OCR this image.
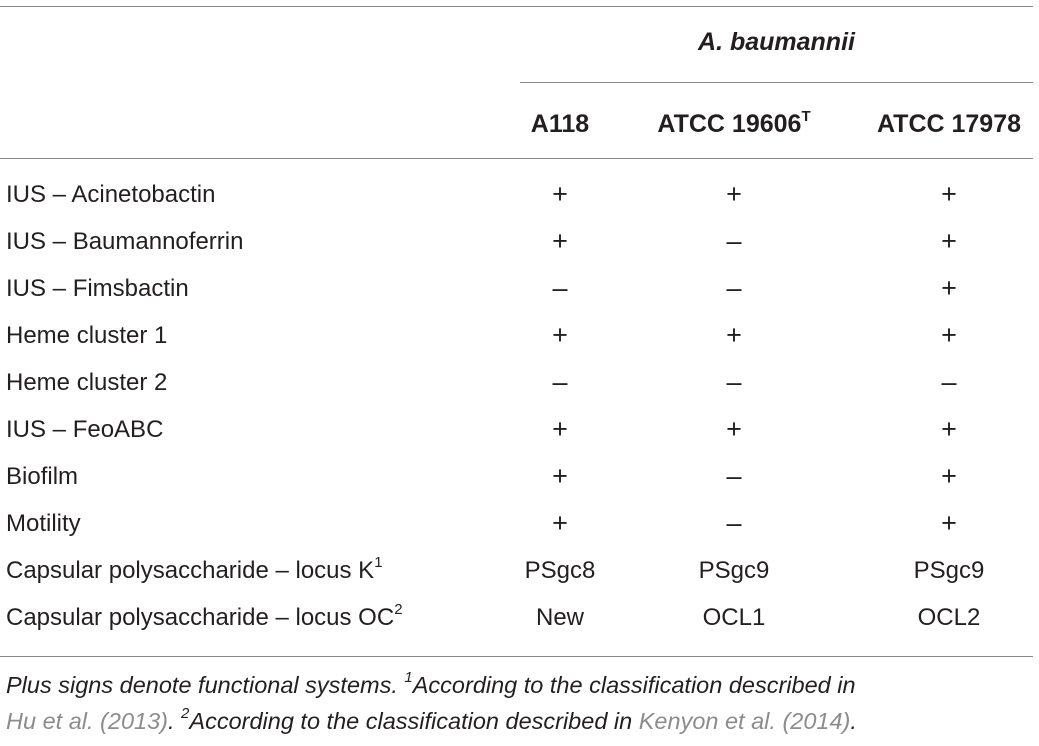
A. baumannii
A118	ATCC $19606^T$	ATCC 17978
IUS – Acinetobactin	+	+	+
IUS – Baumannoferrin	+	–	+
IUS – Fimsbactin	–	–	+
Heme cluster 1	+	+	+
Heme cluster 2	–	–	–
IUS – FeoABC	+	+	+
Biofilm	+	–	+
Motility	+	–	+
Capsular polysaccharide – locus $K^1$	PSgc8	PSgc9	PSgc9
Capsular polysaccharide – locus $OC^2$	New	OCL1	OCL2
Plus signs denote functional systems. $^1$According to the classification described in
Hu et al. (2013). $^2$According to the classification described in Kenyon et al. (2014).
